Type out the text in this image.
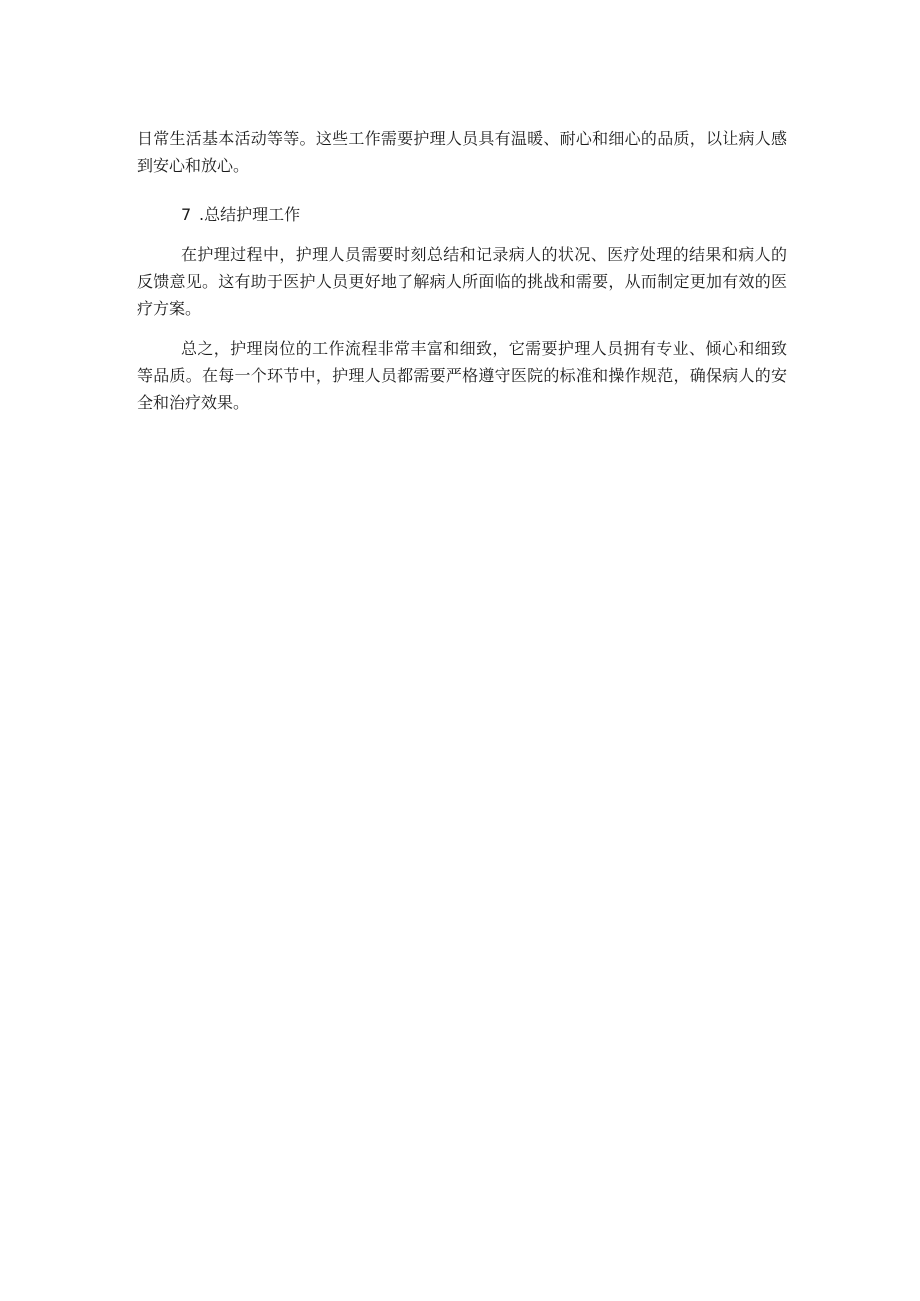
日常生活基本活动等等。这些工作需要护理人员具有温暖、耐心和细心的品质，以让病人感到安心和放心。

7 .总结护理工作

在护理过程中，护理人员需要时刻总结和记录病人的状况、医疗处理的结果和病人的反馈意见。这有助于医护人员更好地了解病人所面临的挑战和需要，从而制定更加有效的医疗方案。

总之，护理岗位的工作流程非常丰富和细致，它需要护理人员拥有专业、倾心和细致等品质。在每一个环节中，护理人员都需要严格遵守医院的标准和操作规范，确保病人的安全和治疗效果。
